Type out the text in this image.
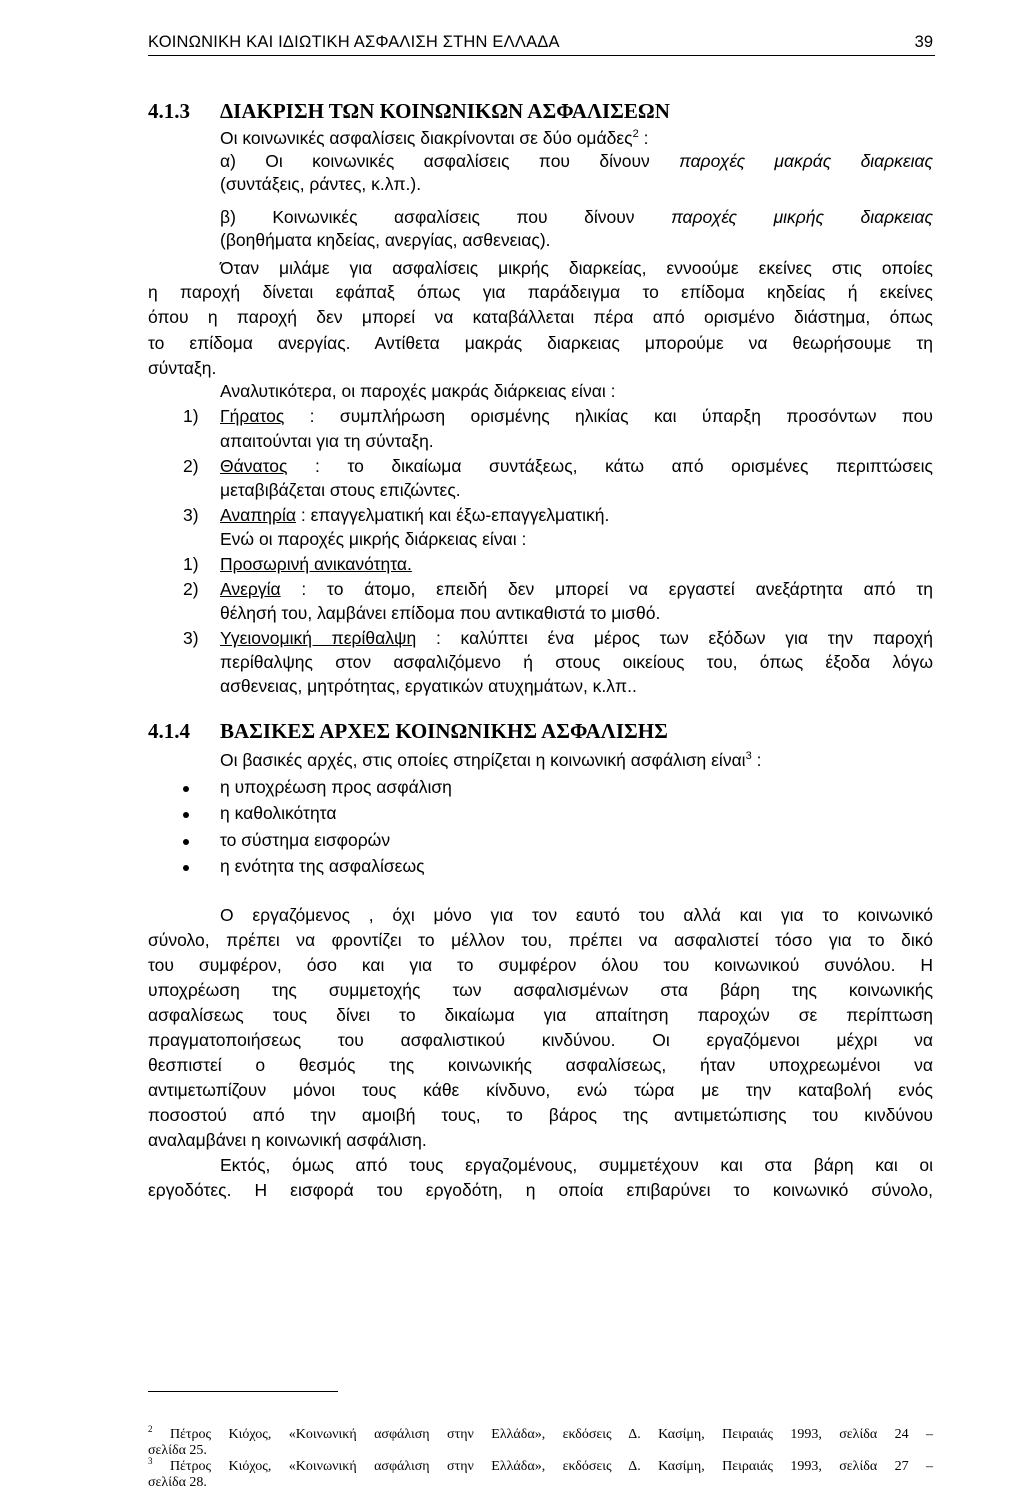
ΚΟΙΝΩΝΙΚΗ ΚΑΙ ΙΔΙΩΤΙΚΗ ΑΣΦΑΛΙΣΗ ΣΤΗΝ ΕΛΛΑΔΑ	39
4.1.3 ΔΙΑΚΡΙΣΗ ΤΩΝ ΚΟΙΝΩΝΙΚΩΝ ΑΣΦΑΛΙΣΕΩΝ
Οι κοινωνικές ασφαλίσεις διακρίνονται σε δύο ομάδες$^2$ :
α) Οι κοινωνικές ασφαλίσεις που δίνουν παροχές μακράς διαρκειας
(συντάξεις, ράντες, κ.λπ.).
β) Κοινωνικές ασφαλίσεις που δίνουν παροχές μικρής διαρκειας
(βοηθήματα κηδείας, ανεργίας, ασθενειας).
Όταν μιλάμε για ασφαλίσεις μικρής διαρκείας, εννοούμε εκείνες στις οποίες
η παροχή δίνεται εφάπαξ όπως για παράδειγμα το επίδομα κηδείας ή εκείνες
όπου η παροχή δεν μπορεί να καταβάλλεται πέρα από ορισμένο διάστημα, όπως
το επίδομα ανεργίας. Αντίθετα μακράς διαρκειας μπορούμε να θεωρήσουμε τη
σύνταξη.
Αναλυτικότερα, οι παροχές μακράς διάρκειας είναι :
1) Γήρατος : συμπλήρωση ορισμένης ηλικίας και ύπαρξη προσόντων που
απαιτούνται για τη σύνταξη.
2) Θάνατος : το δικαίωμα συντάξεως, κάτω από ορισμένες περιπτώσεις
μεταβιβάζεται στους επιζώντες.
3) Αναπηρία : επαγγελματική και έξω-επαγγελματική.
Ενώ οι παροχές μικρής διάρκειας είναι :
1) Προσωρινή ανικανότητα.
2) Ανεργία : το άτομο, επειδή δεν μπορεί να εργαστεί ανεξάρτητα από τη
θέλησή του, λαμβάνει επίδομα που αντικαθιστά το μισθό.
3) Υγειονομική περίθαλψη : καλύπτει ένα μέρος των εξόδων για την παροχή
περίθαλψης στον ασφαλιζόμενο ή στους οικείους του, όπως έξοδα λόγω
ασθενειας, μητρότητας, εργατικών ατυχημάτων, κ.λπ..
4.1.4 ΒΑΣΙΚΕΣ ΑΡΧΕΣ ΚΟΙΝΩΝΙΚΗΣ ΑΣΦΑΛΙΣΗΣ
Οι βασικές αρχές, στις οποίες στηρίζεται η κοινωνική ασφάλιση είναι$^3$ :
η υποχρέωση προς ασφάλιση
η καθολικότητα
το σύστημα εισφορών
η ενότητα της ασφαλίσεως
Ο εργαζόμενος , όχι μόνο για τον εαυτό του αλλά και για το κοινωνικό
σύνολο, πρέπει να φροντίζει το μέλλον του, πρέπει να ασφαλιστεί τόσο για το δικό
του συμφέρον, όσο και για το συμφέρον όλου του κοινωνικού συνόλου. Η
υποχρέωση της συμμετοχής των ασφαλισμένων στα βάρη της κοινωνικής
ασφαλίσεως τους δίνει το δικαίωμα για απαίτηση παροχών σε περίπτωση
πραγματοποιήσεως του ασφαλιστικού κινδύνου. Οι εργαζόμενοι μέχρι να
θεσπιστεί ο θεσμός της κοινωνικής ασφαλίσεως, ήταν υποχρεωμένοι να
αντιμετωπίζουν μόνοι τους κάθε κίνδυνο, ενώ τώρα με την καταβολή ενός
ποσοστού από την αμοιβή τους, το βάρος της αντιμετώπισης του κινδύνου
αναλαμβάνει η κοινωνική ασφάλιση.
Εκτός, όμως από τους εργαζομένους, συμμετέχουν και στα βάρη και οι
εργοδότες. Η εισφορά του εργοδότη, η οποία επιβαρύνει το κοινωνικό σύνολο,
$^2$ Πέτρος Κιόχος, «Κοινωνική ασφάλιση στην Ελλάδα», εκδόσεις Δ. Κασίμη, Πειραιάς 1993, σελίδα 24 –
σελίδα 25.
$^3$ Πέτρος Κιόχος, «Κοινωνική ασφάλιση στην Ελλάδα», εκδόσεις Δ. Κασίμη, Πειραιάς 1993, σελίδα 27 –
σελίδα 28.
